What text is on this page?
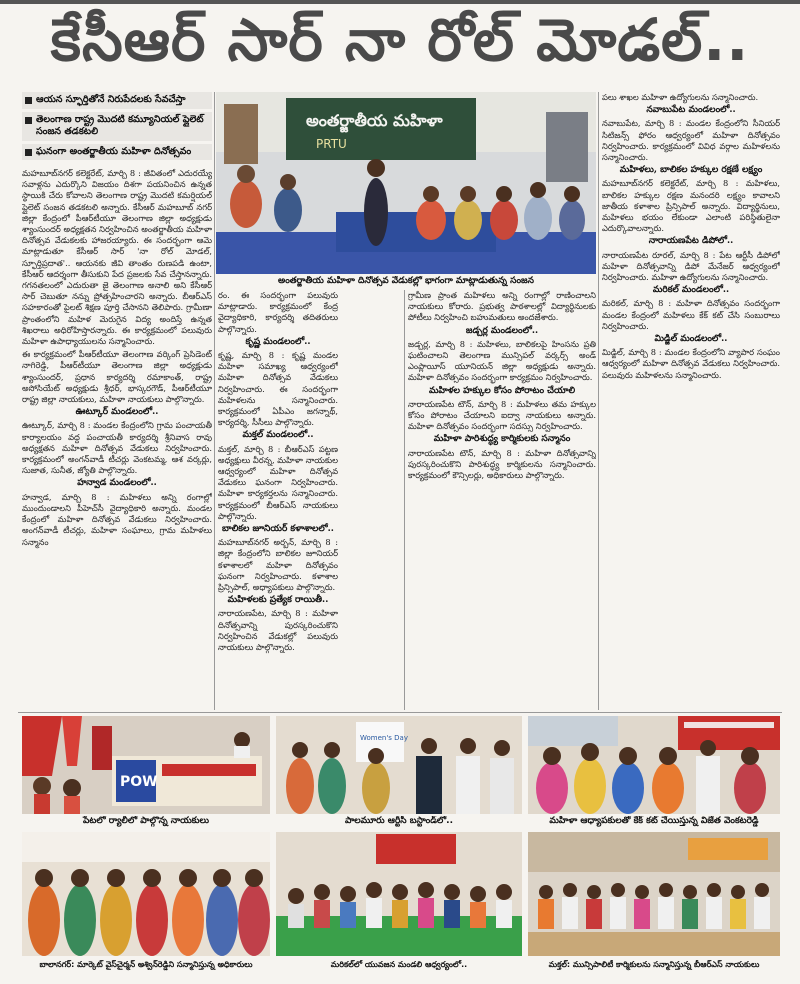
కేసీఆర్ సార్ నా రోల్ మోడల్..
ఆయన స్ఫూర్తితోనే నిరుపేదలకు సేవచేస్తా
తెలంగాణ రాష్ట్ర మొదటి కమ్యూనియల్ ప్లైలెట్ సంజన తడకటలి
ఘనంగా అంతర్జాతీయ మహిళా దినోత్సవం

మహబూబ్‌నగర్ కలెక్టరేట్, మార్చి 8 : జీవితంలో ఎదురయ్యే సవాళ్లను ఎదుర్కొని విజయం దిశగా పయనించిన ఉన్నత స్థాయికి చేరు కోవాలని తెలంగాణ రాష్ట్ర మొదటి కమర్షియల్ ప్లైలెట్ సంజన తడకటలి అన్నారు. కేసీఆర్ మహబూబ్ నగర్ జిల్లా కేంద్రంలో పీఆర్‌టీయూ తెలంగాణ జిల్లా అధ్యక్షుడు శ్యాంసుందర్ అధ్యక్షతన నిర్వహించిన అంతర్జాతీయ మహిళా దినోత్సవ వేడుకలకు హాజరయ్యారు. ఈ సందర్భంగా ఆమె మాట్లాడుతూ కేసీఆర్ సార్ 'నా రోల్ మోడల్, స్ఫూర్తిప్రదాత'.. ఆయనకు జీవి తాంతం రుణపడి ఉంటా, కేసీఆర్ ఆదర్శంగా తీసుకుని పేద ప్రజలకు సేవ చేస్తానన్నారు. గగనతలంలో ఎదురుతా జై తెలంగాణ అనాలి అని కేసీఆర్ సార్ చెబుతూ నన్ను ప్రోత్సహించారని అన్నారు. బీఆర్ఎస్ సహకారంతో పైలట్ శిక్షణ పూర్తి చేసానని తెలిపారు. గ్రామీణా ప్రాంతంలోని మహిళ మెరుగైన విద్య అందిస్తే ఉన్నత శిఖరాలు అధిరోహిస్తారన్నారు. ఈ కార్యక్రమంలో పలువురు మహిళా ఉపాధ్యాయులను సన్మానించారు.

ఈ కార్యక్రమంలో పీఆర్‌టీయూ తెలంగాణ వర్కింగ్ ప్రెసిడెంట్ నాగిరెడ్డి, పీఆర్‌టీయూ తెలంగాణ జిల్లా అధ్యక్షుడు శ్యాంసుందర్, ప్రధాన కార్యదర్శి రమాకాంత్, రాష్ట్ర అసోసియేట్ అధ్యక్షుడు శ్రీధర్, భాస్కరగౌడ్, పీఆర్‌టీయూ రాష్ట్ర జిల్లా నాయకులు, మహిళా నాయకులు పాల్గొన్నారు.

ఊట్కూర్ మండలంలో..

ఊట్కూర్, మార్చి 8 : మండల కేంద్రంలోని గ్రామ పంచాయతీ కార్యాలయం వద్ద పంచాయతీ కార్యదర్శి శ్రీనివాస రావు అధ్యక్షతన మహిళా దినోత్సవ వేడుకలు నిర్వహించారు. కార్యక్రమంలో అంగన్‌వాడీ టీచర్లు వెంకటమ్మ, ఆశ వర్కర్లు, సుజాత, సునీత, జ్యోతి పాల్గొన్నారు.

హన్వాడ మండలంలో..

హన్వాడ, మార్చి 8 : మహిళలు అన్ని రంగాల్లో ముందుండాలని పీహెచ్‌సీ వైద్యాధికారి అన్నారు. మండల కేంద్రంలో మహిళా దినోత్సవ వేడుకలు నిర్వహించారు. అంగన్‌వాడీ టీచర్లు, మహిళా సంఘాలు, గ్రామ మహిళలు సన్మానం

అంతర్జాతీయ మహిళా
PRTU
అంతర్జాతీయ మహిళా దినోత్సవ వేడుకల్లో భాగంగా మాట్లాడుతున్న సంజన

రం. ఈ సందర్భంగా పలువురు మాట్లాడారు. కార్యక్రమంలో కేంద్ర వైద్యాధికారి, కార్యదర్శి తదితరులు పాల్గొన్నారు.

కృష్ణ మండలంలో..

కృష్ణ, మార్చి 8 : కృష్ణ మండల మహిళా సమాఖ్య ఆధ్వర్యంలో మహిళా దినోత్సవ వేడుకలు నిర్వహించారు. ఈ సందర్భంగా మహిళలను సన్మానించారు. కార్యక్రమంలో ఏపీఎం జగన్నాథ్, కార్యదర్శి, సీసీలు పాల్గొన్నారు.

మక్తల్ మండలంలో..

మక్తల్, మార్చి 8 : బీఆర్ఎస్ పట్టణ అధ్యక్షులు వీరన్న, మహిళా నాయకుల ఆధ్వర్యంలో మహిళా దినోత్సవ వేడుకలు ఘనంగా నిర్వహించారు. మహిళా కార్యకర్తలను సన్మానించారు. కార్యక్రమంలో బీఆర్ఎస్ నాయకులు పాల్గొన్నారు.

బాలికల జూనియర్ కళాశాలలో..

మహబూబ్‌నగర్ అర్బన్, మార్చి 8 : జిల్లా కేంద్రంలోని బాలికల జూనియర్ కళాశాలలో మహిళా దినోత్సవం ఘనంగా నిర్వహించారు. కళాశాల ప్రిన్సిపాల్, అధ్యాపకులు పాల్గొన్నారు.

మహిళలకు ప్రత్యేక రాయితీ..

నారాయణపేట, మార్చి 8 : మహిళా దినోత్సవాన్ని పురస్కరించుకొని నిర్వహించిన వేడుకల్లో పలువురు నాయకులు పాల్గొన్నారు.

గ్రామీణ ప్రాంత మహిళలు అన్ని రంగాల్లో రాణించాలని నాయకులు కోరారు. ప్రభుత్వ పాఠశాలల్లో విద్యార్థినులకు పోటీలు నిర్వహించి బహుమతులు అందజేశారు.

జడ్చర్ల మండలంలో..

జడ్చర్ల, మార్చి 8 : మహిళలు, బాలికలపై హింసను ప్రతి ఘటించాలని తెలంగాణ మున్సిపల్ వర్కర్స్ అండ్ ఎంప్లాయీస్ యూనియన్ జిల్లా అధ్యక్షుడు అన్నారు. మహిళా దినోత్సవం సందర్భంగా కార్యక్రమం నిర్వహించారు.

మహిళల హక్కుల కోసం పోరాటం చేయాలి

నారాయణపేట టౌన్, మార్చి 8 : మహిళలు తమ హక్కుల కోసం పోరాటం చేయాలని ఐద్వా నాయకులు అన్నారు. మహిళా దినోత్సవం సందర్భంగా సదస్సు నిర్వహించారు.

మహిళా పారిశుద్ధ్య కార్మికులకు సన్మానం

నారాయణపేట టౌన్, మార్చి 8 : మహిళా దినోత్సవాన్ని పురస్కరించుకొని పారిశుద్ధ్య కార్మికులను సన్మానించారు. కార్యక్రమంలో కౌన్సిలర్లు, అధికారులు పాల్గొన్నారు.

పలు శాఖల మహిళా ఉద్యోగులను సన్మానించారు.

నవాబుపేట మండలంలో..

నవాబుపేట, మార్చి 8 : మండల కేంద్రంలోని సీనియర్ సిటిజన్స్ ఫోరం ఆధ్వర్యంలో మహిళా దినోత్సవం నిర్వహించారు. కార్యక్రమంలో వివిధ వర్గాల మహిళలను సన్మానించారు.

మహిళలు, బాలికల హక్కుల రక్షణే లక్ష్యం

మహబూబ్‌నగర్ కలెక్టరేట్, మార్చి 8 : మహిళలు, బాలికల హక్కుల రక్షణ మనందరి లక్ష్యం కావాలని జాతీయ కళాశాల ప్రిన్సిపాల్ అన్నారు. విద్యార్థినులు, మహిళలు భయం లేకుండా ఎలాంటి పరిస్థితులైనా ఎదుర్కొవాలన్నారు.

నారాయణపేట డిపోలో..

నారాయణపేట రూరల్, మార్చి 8 : పేట ఆర్టీసీ డిపోలో మహిళా దినోత్సవాన్ని డిపో మేనేజర్ ఆధ్వర్యంలో నిర్వహించారు. మహిళా ఉద్యోగులను సన్మానించారు.

మరికల్ మండలంలో..

మరికల్, మార్చి 8 : మహిళా దినోత్సవం సందర్భంగా మండల కేంద్రంలో మహిళలు కేక్ కట్ చేసి సంబురాలు నిర్వహించారు.

మిడ్జిల్ మండలంలో..

మిడ్జిల్, మార్చి 8 : మండల కేంద్రంలోని వ్యాపార సంఘం ఆధ్వర్యంలో మహిళా దినోత్సవ వేడుకలు నిర్వహించారు. పలువురు మహిళలను సన్మానించారు.

POW
పేటలో ర్యాలీలో పాల్గొన్న నాయకులు
Women's Day
పాలమూరు ఆర్టీసీ బస్టాండ్‌లో..	మహిళా ఆధ్యాపకులతో కేక్ కట్ చేయిస్తున్న విజేత వెంకటరెడ్డి
బాలానగర్: మార్కెట్ వైస్‌చైర్మన్ అశ్విన్‌రెడ్డిని సన్మానిస్తున్న అధికారులు	మరికల్‌లో యువజన మండలి ఆధ్వర్యంలో..	మక్తల్: మున్సిపాలిటీ కార్మికులను సన్మానిస్తున్న బీఆర్ఎస్ నాయకులు
